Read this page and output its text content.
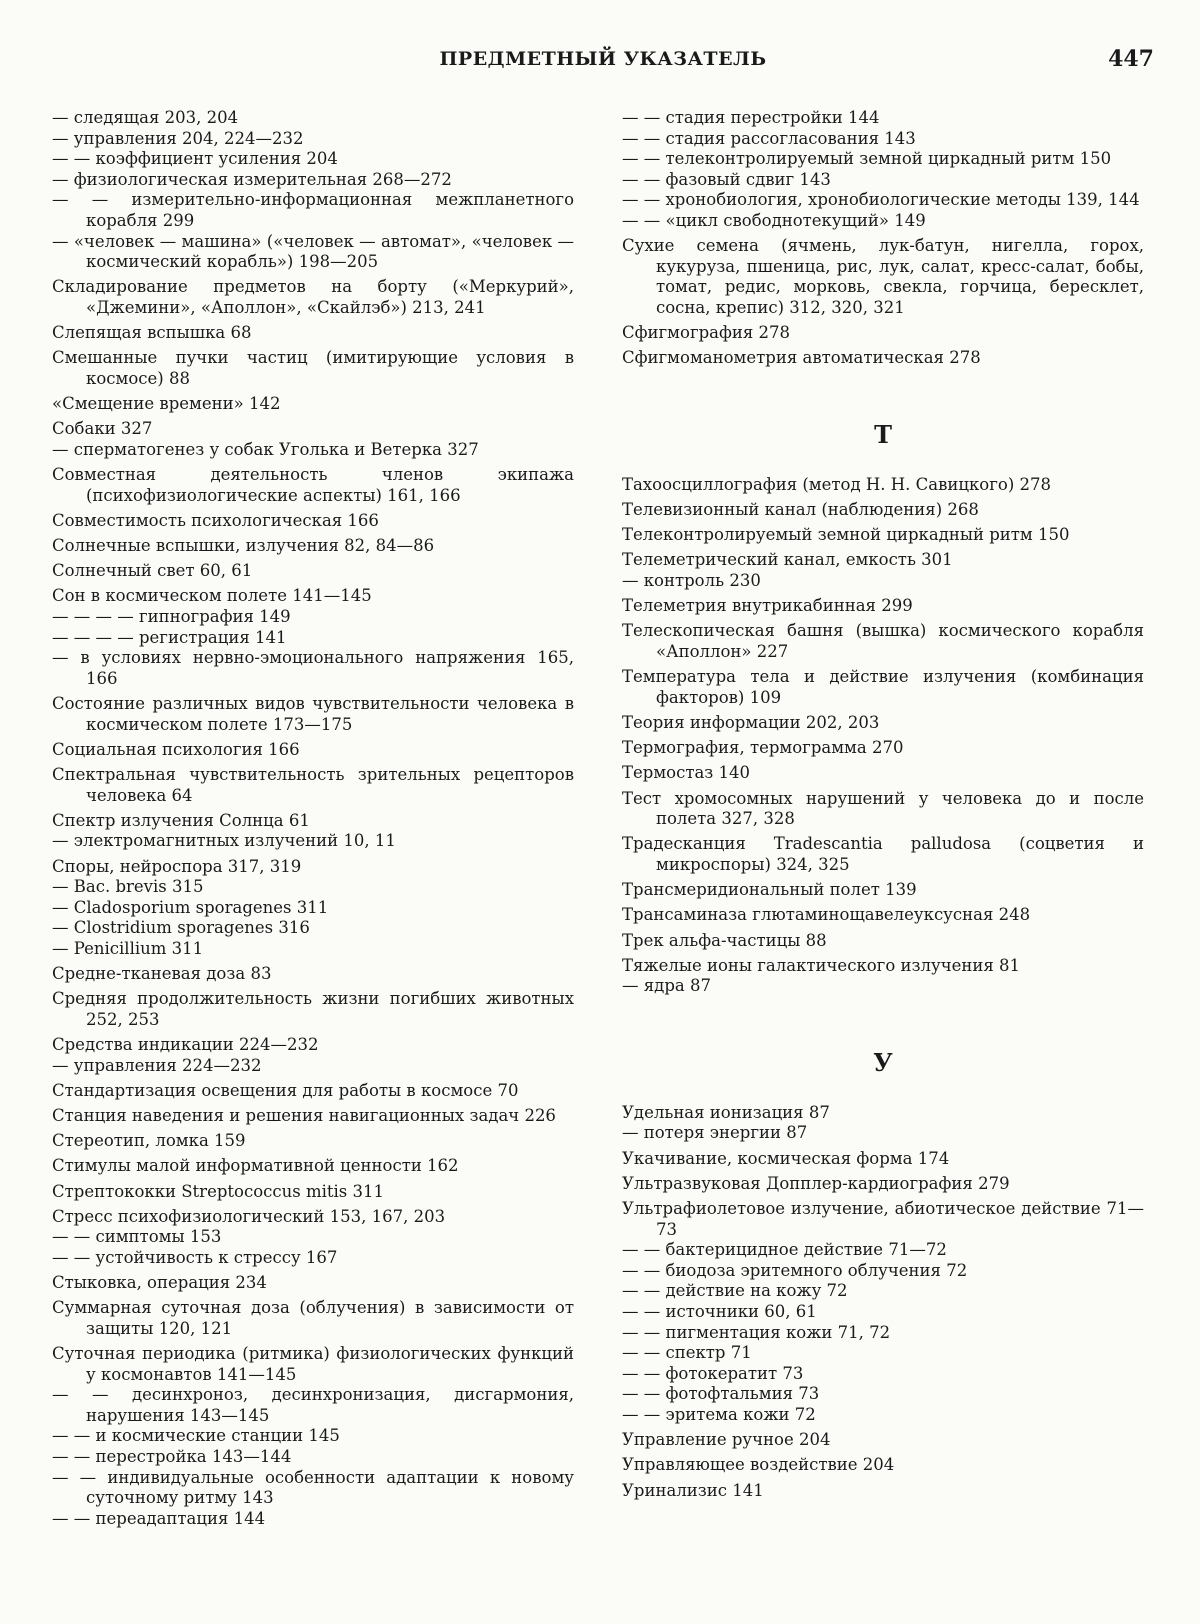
ПРЕДМЕТНЫЙ УКАЗАТЕЛЬ	447
— следящая 203, 204
— управления 204, 224—232
— — коэффициент усиления 204
— физиологическая измерительная 268—272
— — измерительно-информационная межпланетного корабля 299
— «человек — машина» («человек — автомат», «человек — космический корабль») 198—205
Складирование предметов на борту («Меркурий», «Джемини», «Аполлон», «Скайлэб») 213, 241
Слепящая вспышка 68
Смешанные пучки частиц (имитирующие условия в космосе) 88
«Смещение времени» 142
Собаки 327
— сперматогенез у собак Уголька и Ветерка 327
Совместная деятельность членов экипажа (психофизиологические аспекты) 161, 166
Совместимость психологическая 166
Солнечные вспышки, излучения 82, 84—86
Солнечный свет 60, 61
Сон в космическом полете 141—145
— — — — гипнография 149
— — — — регистрация 141
— в условиях нервно-эмоционального напряжения 165, 166
Состояние различных видов чувствительности человека в космическом полете 173—175
Социальная психология 166
Спектральная чувствительность зрительных рецепторов человека 64
Спектр излучения Солнца 61
— электромагнитных излучений 10, 11
Споры, нейроспора 317, 319
— Bac. brevis 315
— Cladosporium sporagenes 311
— Clostridium sporagenes 316
— Penicillium 311
Средне-тканевая доза 83
Средняя продолжительность жизни погибших животных 252, 253
Средства индикации 224—232
— управления 224—232
Стандартизация освещения для работы в космосе 70
Станция наведения и решения навигационных задач 226
Стереотип, ломка 159
Стимулы малой информативной ценности 162
Стрептококки Streptococcus mitis 311
Стресс психофизиологический 153, 167, 203
— — симптомы 153
— — устойчивость к стрессу 167
Стыковка, операция 234
Суммарная суточная доза (облучения) в зависимости от защиты 120, 121
Суточная периодика (ритмика) физиологических функций у космонавтов 141—145
— — десинхроноз, десинхронизация, дисгармония, нарушения 143—145
— — и космические станции 145
— — перестройка 143—144
— — индивидуальные особенности адаптации к новому суточному ритму 143
— — переадаптация 144
— — стадия перестройки 144
— — стадия рассогласования 143
— — телеконтролируемый земной циркадный ритм 150
— — фазовый сдвиг 143
— — хронобиология, хронобиологические методы 139, 144
— — «цикл свободнотекущий» 149
Сухие семена (ячмень, лук-батун, нигелла, горох, кукуруза, пшеница, рис, лук, салат, кресс-салат, бобы, томат, редис, морковь, свекла, горчица, бересклет, сосна, крепис) 312, 320, 321
Сфигмография 278
Сфигмоманометрия автоматическая 278
Т
Тахоосциллография (метод Н. Н. Савицкого) 278
Телевизионный канал (наблюдения) 268
Телеконтролируемый земной циркадный ритм 150
Телеметрический канал, емкость 301
— контроль 230
Телеметрия внутрикабинная 299
Телескопическая башня (вышка) космического корабля «Аполлон» 227
Температура тела и действие излучения (комбинация факторов) 109
Теория информации 202, 203
Термография, термограмма 270
Термостаз 140
Тест хромосомных нарушений у человека до и после полета 327, 328
Традесканция Tradescantia palludosa (соцветия и микроспоры) 324, 325
Трансмеридиональный полет 139
Трансаминаза глютаминощавелеуксусная 248
Трек альфа-частицы 88
Тяжелые ионы галактического излучения 81
— ядра 87
У
Удельная ионизация 87
— потеря энергии 87
Укачивание, космическая форма 174
Ультразвуковая Допплер-кардиография 279
Ультрафиолетовое излучение, абиотическое действие 71—73
— — бактерицидное действие 71—72
— — биодоза эритемного облучения 72
— — действие на кожу 72
— — источники 60, 61
— — пигментация кожи 71, 72
— — спектр 71
— — фотокератит 73
— — фотофтальмия 73
— — эритема кожи 72
Управление ручное 204
Управляющее воздействие 204
Уринализис 141
